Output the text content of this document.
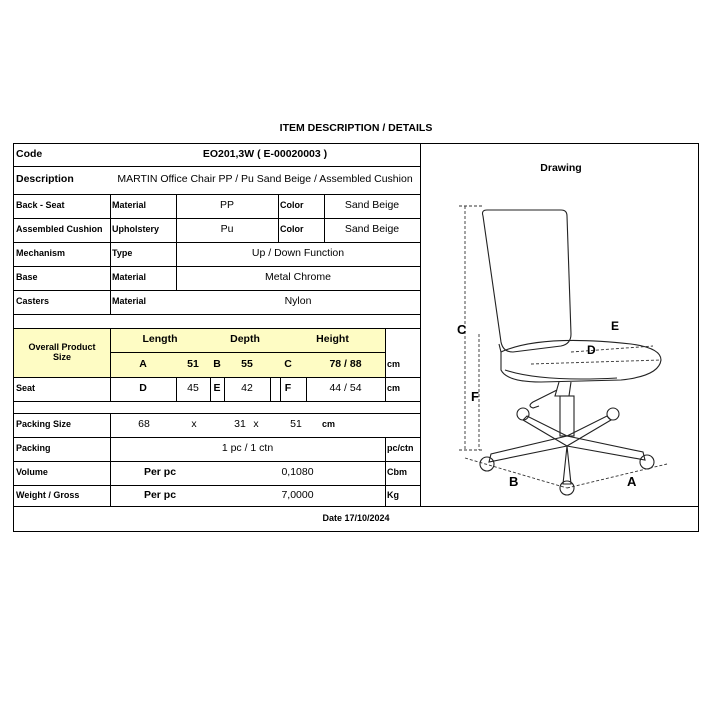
ITEM DESCRIPTION / DETAILS
Code	EO201,3W ( E-00020003 )
Description	MARTIN Office Chair PP / Pu Sand Beige / Assembled Cushion
Back - Seat	Material	PP	Color	Sand Beige
Assembled Cushion	Upholstery	Pu	Color	Sand Beige
Mechanism	Type	Up / Down Function
Base	Material	Metal Chrome
Casters	Material	Nylon
Overall Product Size
Length	Depth	Height
A	51	B	55	C	78 / 88	cm
Seat	D	45	E	42	F	44 / 54	cm
Packing Size	68	x	31 x	51	cm
Packing	1 pc / 1 ctn	pc/ctn
Volume	Per pc	0,1080	Cbm
Weight / Gross	Per pc	7,0000	Kg
Date 17/10/2024
Drawing
C
F
B	A
D
E
